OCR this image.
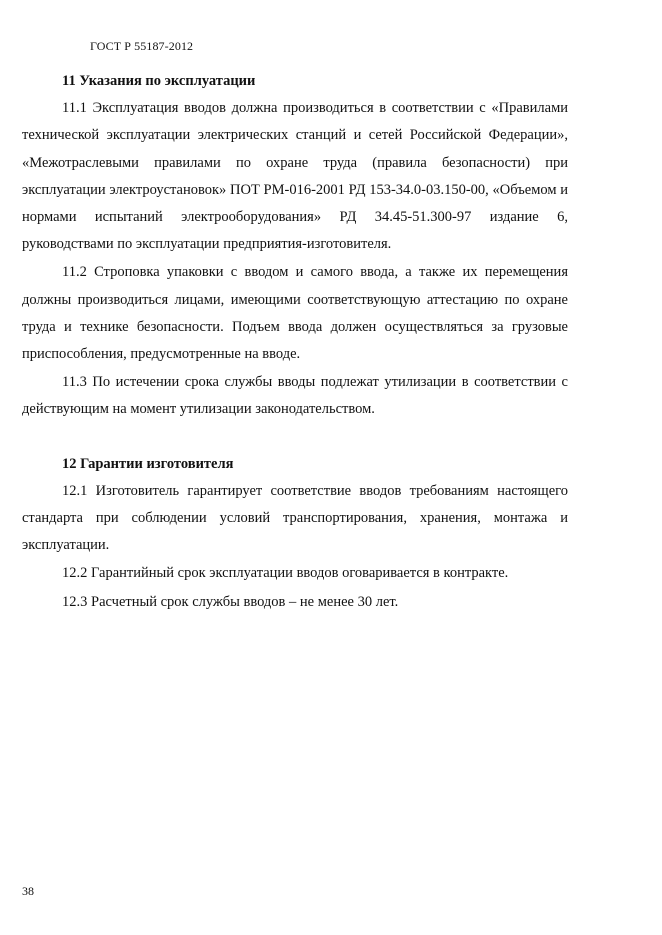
ГОСТ Р 55187-2012

11 Указания по эксплуатации

11.1 Эксплуатация вводов должна производиться в соответствии с «Правилами технической эксплуатации электрических станций и сетей Российской Федерации», «Межотраслевыми правилами по охране труда (правила безопасности) при эксплуатации электроустановок» ПОТ РМ-016-2001 РД 153-34.0-03.150-00, «Объемом и нормами испытаний электрооборудования» РД 34.45-51.300-97 издание 6, руководствами по эксплуатации предприятия-изготовителя.

11.2 Строповка упаковки с вводом и самого ввода, а также их перемещения должны производиться лицами, имеющими соответствующую аттестацию по охране труда и технике безопасности. Подъем ввода должен осуществляться за грузовые приспособления, предусмотренные на вводе.

11.3 По истечении срока службы вводы подлежат утилизации в соответствии с действующим на момент утилизации законодательством.

12 Гарантии изготовителя

12.1 Изготовитель гарантирует соответствие вводов требованиям настоящего стандарта при соблюдении условий транспортирования, хранения, монтажа и эксплуатации.

12.2 Гарантийный срок эксплуатации вводов оговаривается в контракте.

12.3 Расчетный срок службы вводов – не менее 30 лет.

38
